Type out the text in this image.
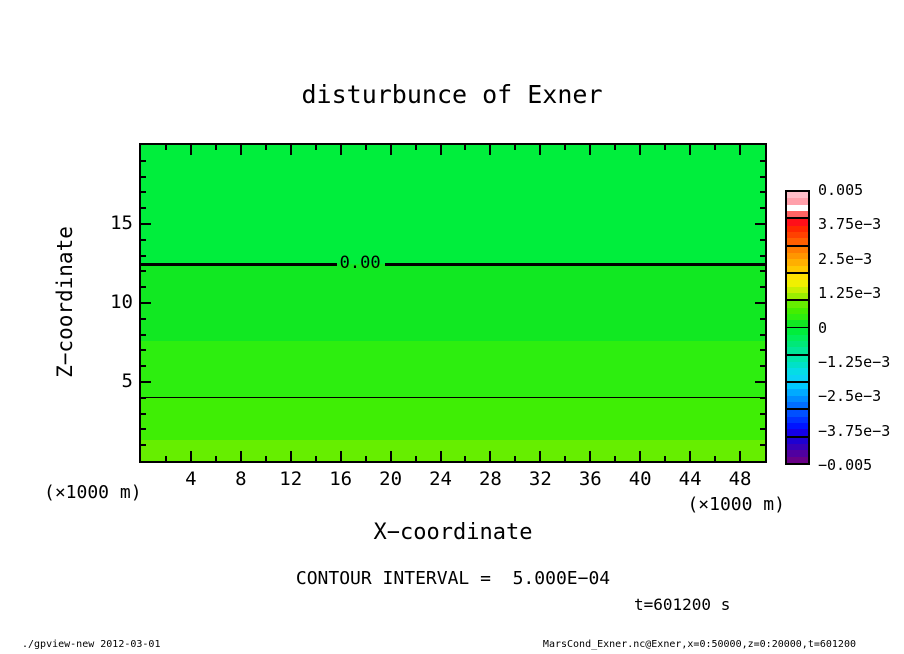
disturbunce of Exner
Z−coordinate	0.00
15
10
5
4	8	12	16	20	24	28	32	36	40	44	48
(×1000 m)
(×1000 m)
X−coordinate
CONTOUR INTERVAL =  5.000E−04
t=601200 s
0.005
3.75e−3
2.5e−3
1.25e−3
0
−1.25e−3
−2.5e−3
−3.75e−3
−0.005
./gpview-new 2012-03-01	MarsCond_Exner.nc@Exner,x=0:50000,z=0:20000,t=601200
